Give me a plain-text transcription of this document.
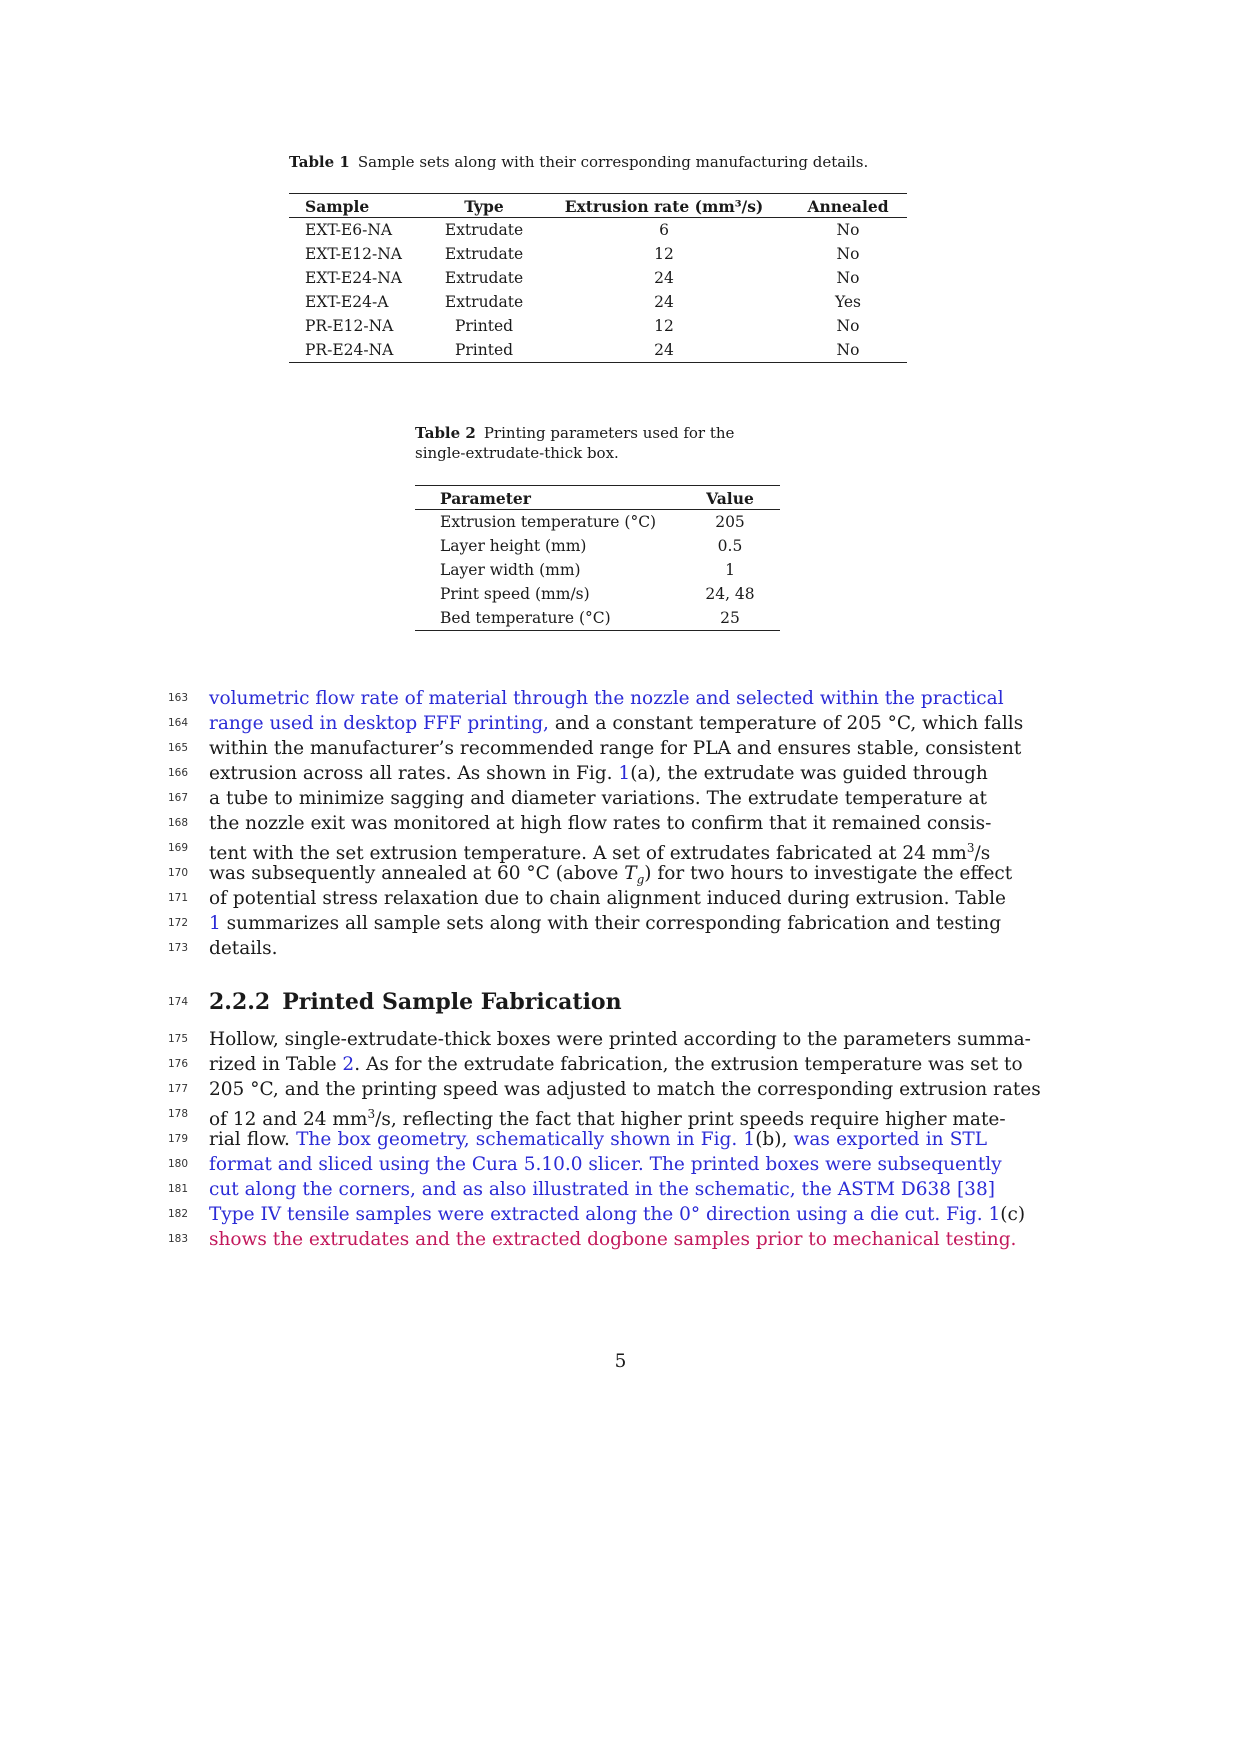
Table 1 Sample sets along with their corresponding manufacturing details.
Sample	Type	Extrusion rate (mm³/s)	Annealed
EXT-E6-NA	Extrudate	6	No
EXT-E12-NA	Extrudate	12	No
EXT-E24-NA	Extrudate	24	No
EXT-E24-A	Extrudate	24	Yes
PR-E12-NA	Printed	12	No
PR-E24-NA	Printed	24	No
Table 2 Printing parameters used for the
single-extrudate-thick box.
Parameter	Value
Extrusion temperature (°C)	205
Layer height (mm)	0.5
Layer width (mm)	1
Print speed (mm/s)	24, 48
Bed temperature (°C)	25
163
164
165
166
167
168
169
170
171
172
173
volumetric flow rate of material through the nozzle and selected within the practical
range used in desktop FFF printing, and a constant temperature of 205 °C, which falls
within the manufacturer’s recommended range for PLA and ensures stable, consistent
extrusion across all rates. As shown in Fig. 1(a), the extrudate was guided through
a tube to minimize sagging and diameter variations. The extrudate temperature at
the nozzle exit was monitored at high flow rates to confirm that it remained consis-
tent with the set extrusion temperature. A set of extrudates fabricated at 24 $mm^3/s$
was subsequently annealed at 60 °C (above $T_g$) for two hours to investigate the effect
of potential stress relaxation due to chain alignment induced during extrusion. Table
1 summarizes all sample sets along with their corresponding fabrication and testing
details.
174 2.2.2 Printed Sample Fabrication
175
176
177
178
179
180
181
182
183
Hollow, single-extrudate-thick boxes were printed according to the parameters summa-
rized in Table 2. As for the extrudate fabrication, the extrusion temperature was set to
205 °C, and the printing speed was adjusted to match the corresponding extrusion rates
of 12 and 24 $mm^3/s$, reflecting the fact that higher print speeds require higher mate-
rial flow. The box geometry, schematically shown in Fig. 1(b), was exported in STL
format and sliced using the Cura 5.10.0 slicer. The printed boxes were subsequently
cut along the corners, and as also illustrated in the schematic, the ASTM D638 [38]
Type IV tensile samples were extracted along the 0° direction using a die cut. Fig. 1(c)
shows the extrudates and the extracted dogbone samples prior to mechanical testing.
5
